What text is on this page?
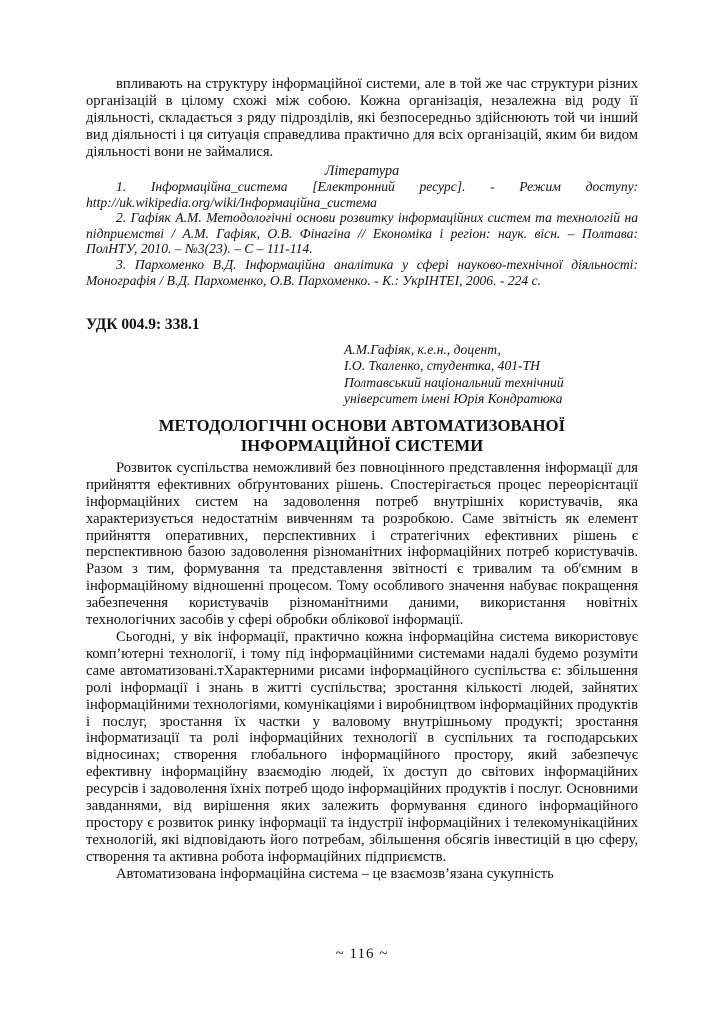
впливають на структуру інформаційної системи, але в той же час структури різних організацій в цілому схожі між собою. Кожна організація, незалежна від роду її діяльності, складається з ряду підрозділів, які безпосередньо здійснюють той чи інший вид діяльності і ця ситуація справедлива практично для всіх організацій, яким би видом діяльності вони не займалися.

Література

1. Інформаційна_система [Електронний ресурс]. - Режим доступу: http://uk.wikipedia.org/wiki/Інформаційна_система

2. Гафіяк А.М. Методологічні основи розвитку інформаційних систем та технологій на підприємстві / А.М. Гафіяк, О.В. Фінагіна // Економіка і регіон: наук. вісн. – Полтава: ПолНТУ, 2010. – №3(23). – С – 111-114.

3. Пархоменко В.Д. Інформаційна аналітика у сфері науково-технічної діяльності: Монографія / В.Д. Пархоменко, О.В. Пархоменко. - К.: УкрІНТЕІ, 2006. - 224 с.

УДК 004.9: 338.1
А.М.Гафіяк, к.е.н., доцент,
І.О. Ткаленко, студентка, 401-ТН
Полтавський національний технічний
університет імені Юрія Кондратюка
МЕТОДОЛОГІЧНІ ОСНОВИ АВТОМАТИЗОВАНОЇ
ІНФОРМАЦІЙНОЇ СИСТЕМИ

Розвиток суспільства неможливий без повноцінного представлення інформації для прийняття ефективних обґрунтованих рішень. Спостерігається процес переорієнтації інформаційних систем на задоволення потреб внутрішніх користувачів, яка характеризується недостатнім вивченням та розробкою. Саме звітність як елемент прийняття оперативних, перспективних і стратегічних ефективних рішень є перспективною базою задоволення різноманітних інформаційних потреб користувачів. Разом з тим, формування та представлення звітності є тривалим та об'ємним в інформаційному відношенні процесом. Тому особливого значення набуває покращення забезпечення користувачів різноманітними даними, використання новітніх технологічних засобів у сфері обробки облікової інформації.

Сьогодні, у вік інформації, практично кожна інформаційна система використовує комп’ютерні технології, і тому під інформаційними системами надалі будемо розуміти саме автоматизовані.тХарактерними рисами інформаційного суспільства є: збільшення ролі інформації і знань в житті суспільства; зростання кількості людей, зайнятих інформаційними технологіями, комунікаціями і виробництвом інформаційних продуктів і послуг, зростання їх частки у валовому внутрішньому продукті; зростання інформатизації та ролі інформаційних технології в суспільних та господарських відносинах; створення глобального інформаційного простору, який забезпечує ефективну інформаційну взаємодію людей, їх доступ до світових інформаційних ресурсів і задоволення їхніх потреб щодо інформаційних продуктів і послуг. Основними завданнями, від вирішення яких залежить формування єдиного інформаційного простору є розвиток ринку інформації та індустрії інформаційних і телекомунікаційних технологій, які відповідають його потребам, збільшення обсягів інвестицій в цю сферу, створення та активна робота інформаційних підприємств.

Автоматизована інформаційна система – це взаємозв’язана сукупність

~ 116 ~
